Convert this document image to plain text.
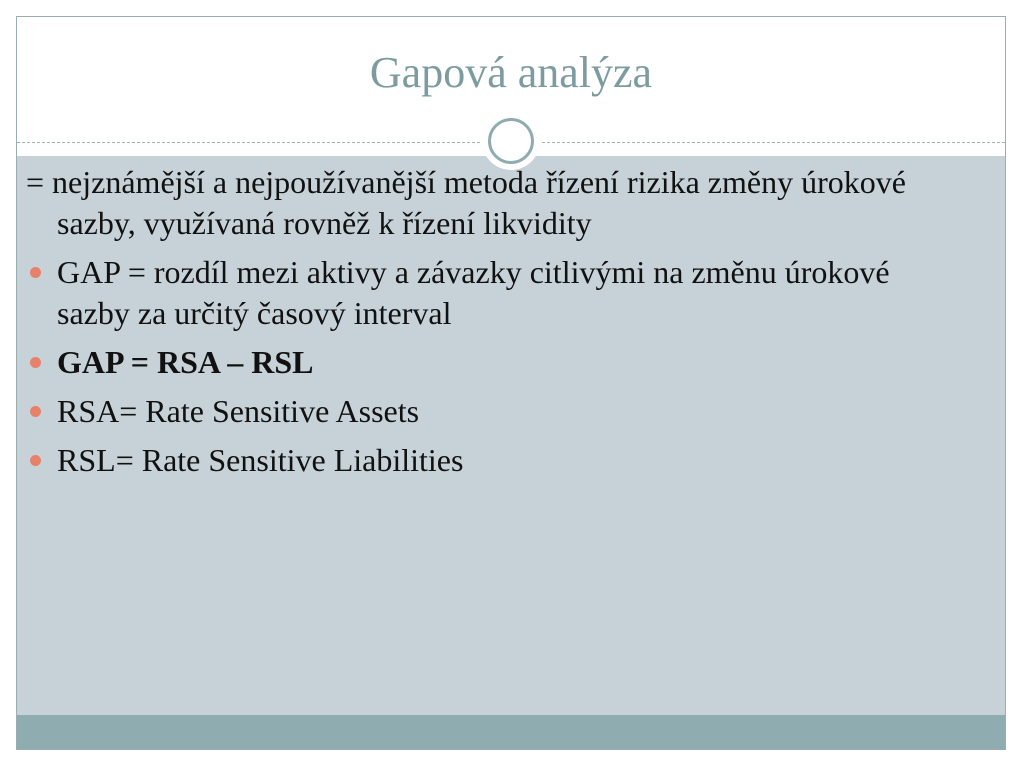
Gapová analýza
= nejznámější a nejpoužívanější metoda řízení rizika změny úrokové sazby, využívaná rovněž k řízení likvidity
GAP = rozdíl mezi aktivy a závazky citlivými na změnu úrokové sazby za určitý časový interval
GAP = RSA – RSL
RSA= Rate Sensitive Assets
RSL= Rate Sensitive Liabilities
